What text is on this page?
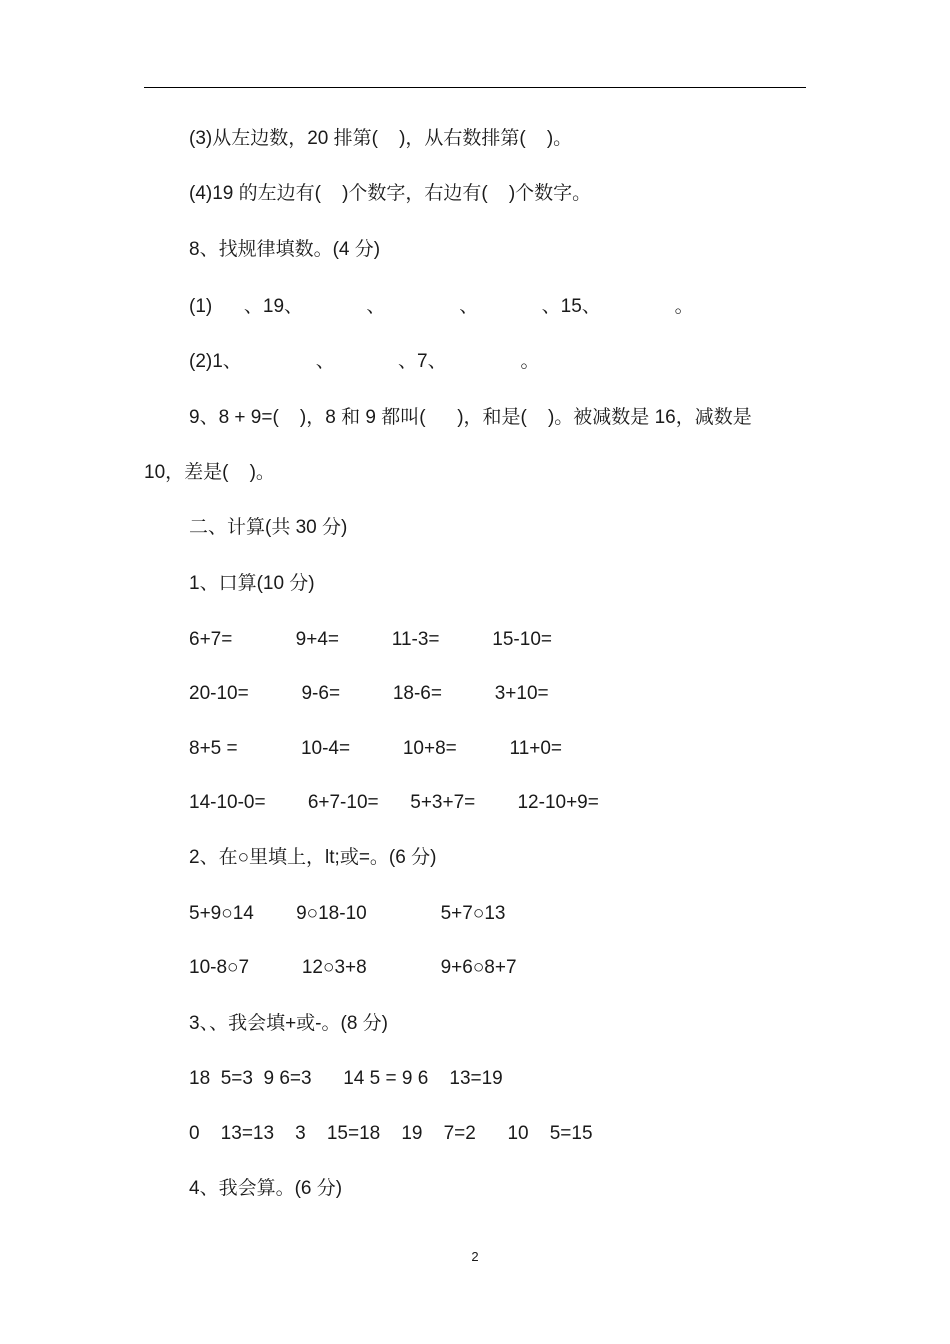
(3)从左边数，20 排第(    )，从右数排第(    )。
(4)19 的左边有(    )个数字，右边有(    )个数字。
8、找规律填数。(4 分)
(1)      、19、            、              、            、15、              。
(2)1、              、            、7、              。
9、8 + 9=(    )，8 和 9 都叫(      )，和是(    )。被减数是 16，减数是
10，差是(    )。
二、计算(共 30 分)
1、口算(10 分)
6+7=            9+4=          11-3=          15-10=
20-10=          9-6=          18-6=          3+10=
8+5 =            10-4=          10+8=          11+0=
14-10-0=        6+7-10=      5+3+7=        12-10+9=
2、在○里填上，lt;或=。(6 分)
5+9○14        9○18-10              5+7○13
10-8○7          12○3+8              9+6○8+7
3、、我会填+或-。(8 分)
18  5=3  9 6=3      14 5 = 9 6    13=19
0    13=13    3    15=18    19    7=2      10    5=15
4、我会算。(6 分)
2
